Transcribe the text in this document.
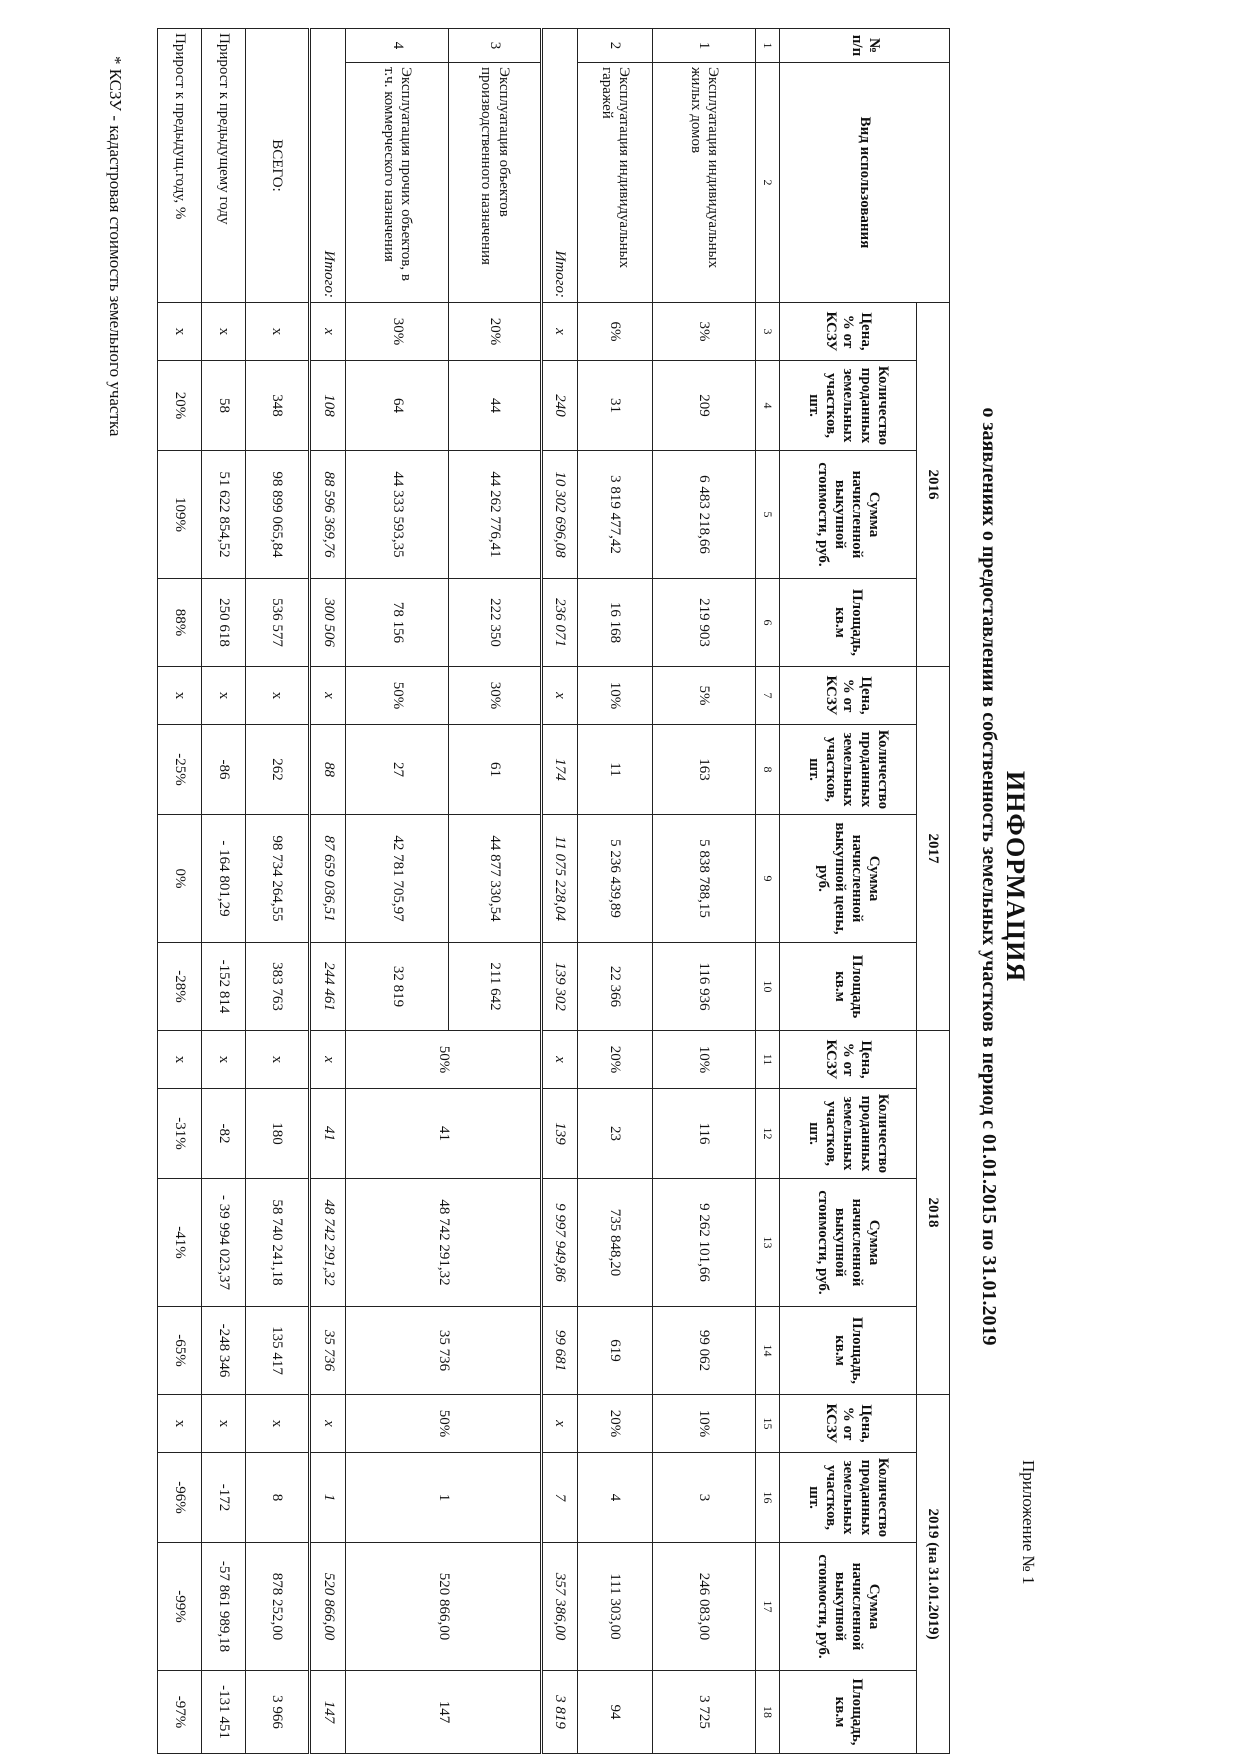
Приложение № 1
ИНФОРМАЦИЯ
о заявлениях о предоставлении в собственность земельных участков в период с 01.01.2015 по 31.01.2019
№ п/п	Вид использования	2016				2017				2018				2019 (на 31.01.2019)			
		Цена, % от КСЗУ	Количество проданных земельных участков, шт.	Сумма начисленной выкупной стоимости, руб.	Площадь, кв.м	Цена, % от КСЗУ	Количество проданных земельных участков, шт.	Сумма начисленной выкупной цены, руб.	Площадь кв.м	Цена, % от КСЗУ	Количество проданных земельных участков, шт.	Сумма начисленной выкупной стоимости, руб.	Площадь, кв.м	Цена, % от КСЗУ	Количество проданных земельных участков, шт.	Сумма начисленной выкупной стоимости, руб.	Площадь, кв.м
1	2	3	4	5	6	7	8	9	10	11	12	13	14	15	16	17	18
1	Эксплуатация индивидуальных жилых домов	3%	209	6 483 218,66	219 903	5%	163	5 838 788,15	116 936	10%	116	9 262 101,66	99 062	10%	3	246 083,00	3 725
2	Эксплуатация индивидуальных гаражей	6%	31	3 819 477,42	16 168	10%	11	5 236 439,89	22 366	20%	23	735 848,20	619	20%	4	111 303,00	94
Итого:		х	240	10 302 696,08	236 071	х	174	11 075 228,04	139 302	х	139	9 997 949,86	99 681	х	7	357 386,00	3 819
3	Эксплуатация объектов производственного назначения	20%	44	44 262 776,41	222 350	30%	61	44 877 330,54	211 642	50%	41	48 742 291,32	35 736	50%	1	520 866,00	147
4	Эксплуатация прочих объектов, в т.ч. коммерческого назначения	30%	64	44 333 593,35	78 156	50%	27	42 781 705,97	32 819								
Итого:		х	108	88 596 369,76	300 506	х	88	87 659 036,51	244 461	х	41	48 742 291,32	35 736	х	1	520 866,00	147
ВСЕГО:		х	348	98 899 065,84	536 577	х	262	98 734 264,55	383 763	х	180	58 740 241,18	135 417	х	8	878 252,00	3 966
Прирост к предыдущему году		х	58	51 622 854,52	250 618	х	-86	- 164 801,29	-152 814	х	-82	- 39 994 023,37	-248 346	х	-172	-57 861 989,18	-131 451
Прирост к предыдущ.году, %		х	20%	109%	88%	х	-25%	0%	-28%	х	-31%	-41%	-65%	х	-96%	-99%	-97%
* КСЗУ - кадастровая стоимость земельного участка
